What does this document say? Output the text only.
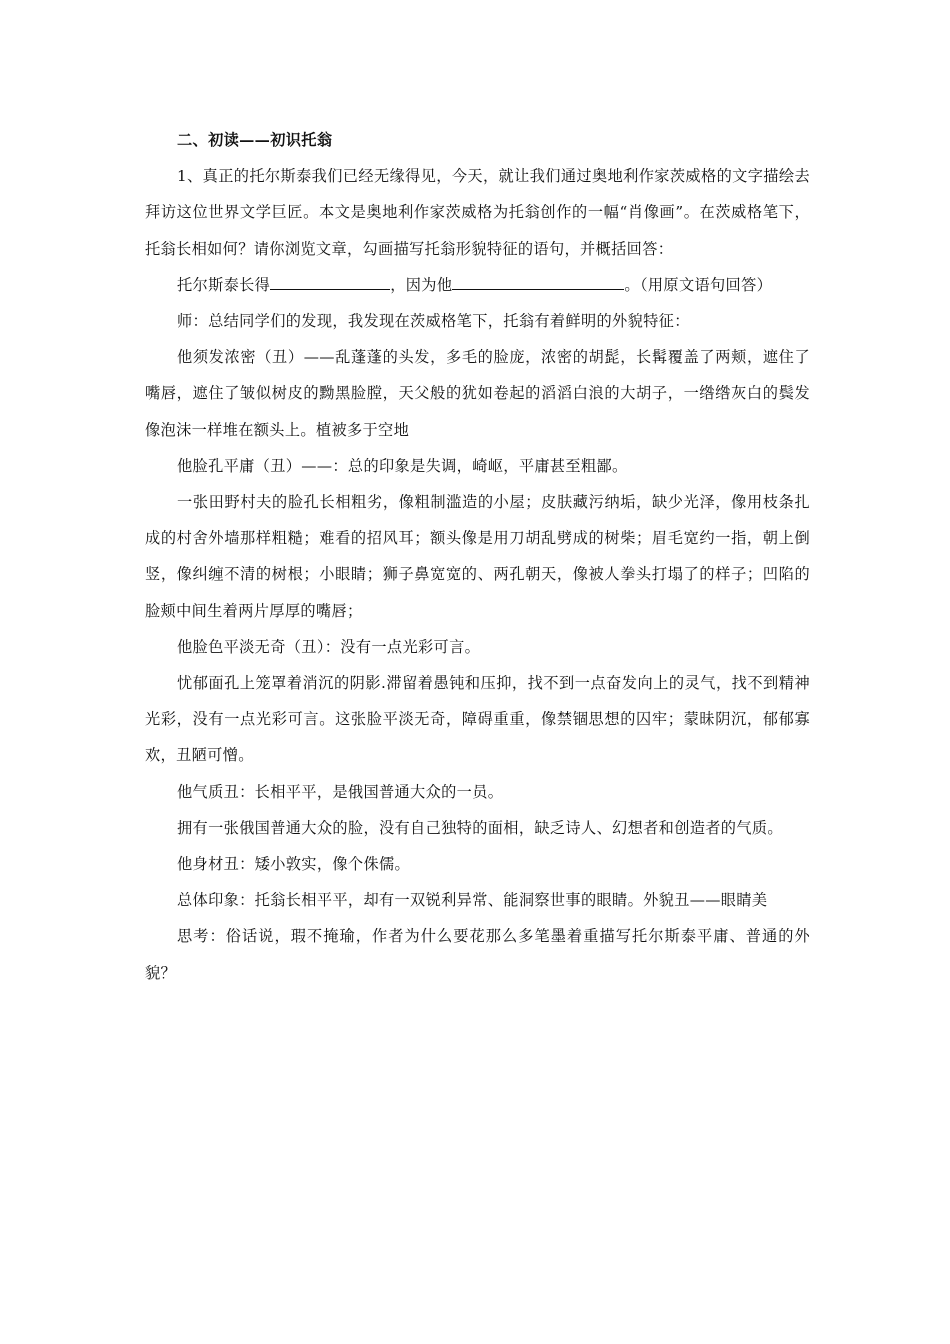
二、初读——初识托翁

1、真正的托尔斯泰我们已经无缘得见，今天，就让我们通过奥地利作家茨威格的文字描绘去拜访这位世界文学巨匠。本文是奥地利作家茨威格为托翁创作的一幅“肖像画”。在茨威格笔下，托翁长相如何？请你浏览文章，勾画描写托翁形貌特征的语句，并概括回答：

托尔斯泰长得	，因为他	。（用原文语句回答）

师：总结同学们的发现，我发现在茨威格笔下，托翁有着鲜明的外貌特征：

他须发浓密（丑）——乱蓬蓬的头发，多毛的脸庞，浓密的胡髭，长髯覆盖了两颊，遮住了嘴唇，遮住了皱似树皮的黝黑脸膛，天父般的犹如卷起的滔滔白浪的大胡子，一绺绺灰白的鬓发像泡沫一样堆在额头上。植被多于空地

他脸孔平庸（丑）——：总的印象是失调，崎岖，平庸甚至粗鄙。

一张田野村夫的脸孔长相粗劣，像粗制滥造的小屋；皮肤藏污纳垢，缺少光泽，像用枝条扎成的村舍外墙那样粗糙；难看的招风耳；额头像是用刀胡乱劈成的树柴；眉毛宽约一指，朝上倒竖，像纠缠不清的树根；小眼睛；狮子鼻宽宽的、两孔朝天，像被人拳头打塌了的样子；凹陷的脸颊中间生着两片厚厚的嘴唇；

他脸色平淡无奇（丑）：没有一点光彩可言。

忧郁面孔上笼罩着消沉的阴影.滞留着愚钝和压抑，找不到一点奋发向上的灵气，找不到精神光彩，没有一点光彩可言。这张脸平淡无奇，障碍重重，像禁锢思想的囚牢；蒙昧阴沉，郁郁寡欢，丑陋可憎。

他气质丑：长相平平，是俄国普通大众的一员。

拥有一张俄国普通大众的脸，没有自己独特的面相，缺乏诗人、幻想者和创造者的气质。

他身材丑：矮小敦实，像个侏儒。

总体印象：托翁长相平平，却有一双锐利异常、能洞察世事的眼睛。外貌丑——眼睛美

思考：俗话说，瑕不掩瑜，作者为什么要花那么多笔墨着重描写托尔斯泰平庸、普通的外貌？
